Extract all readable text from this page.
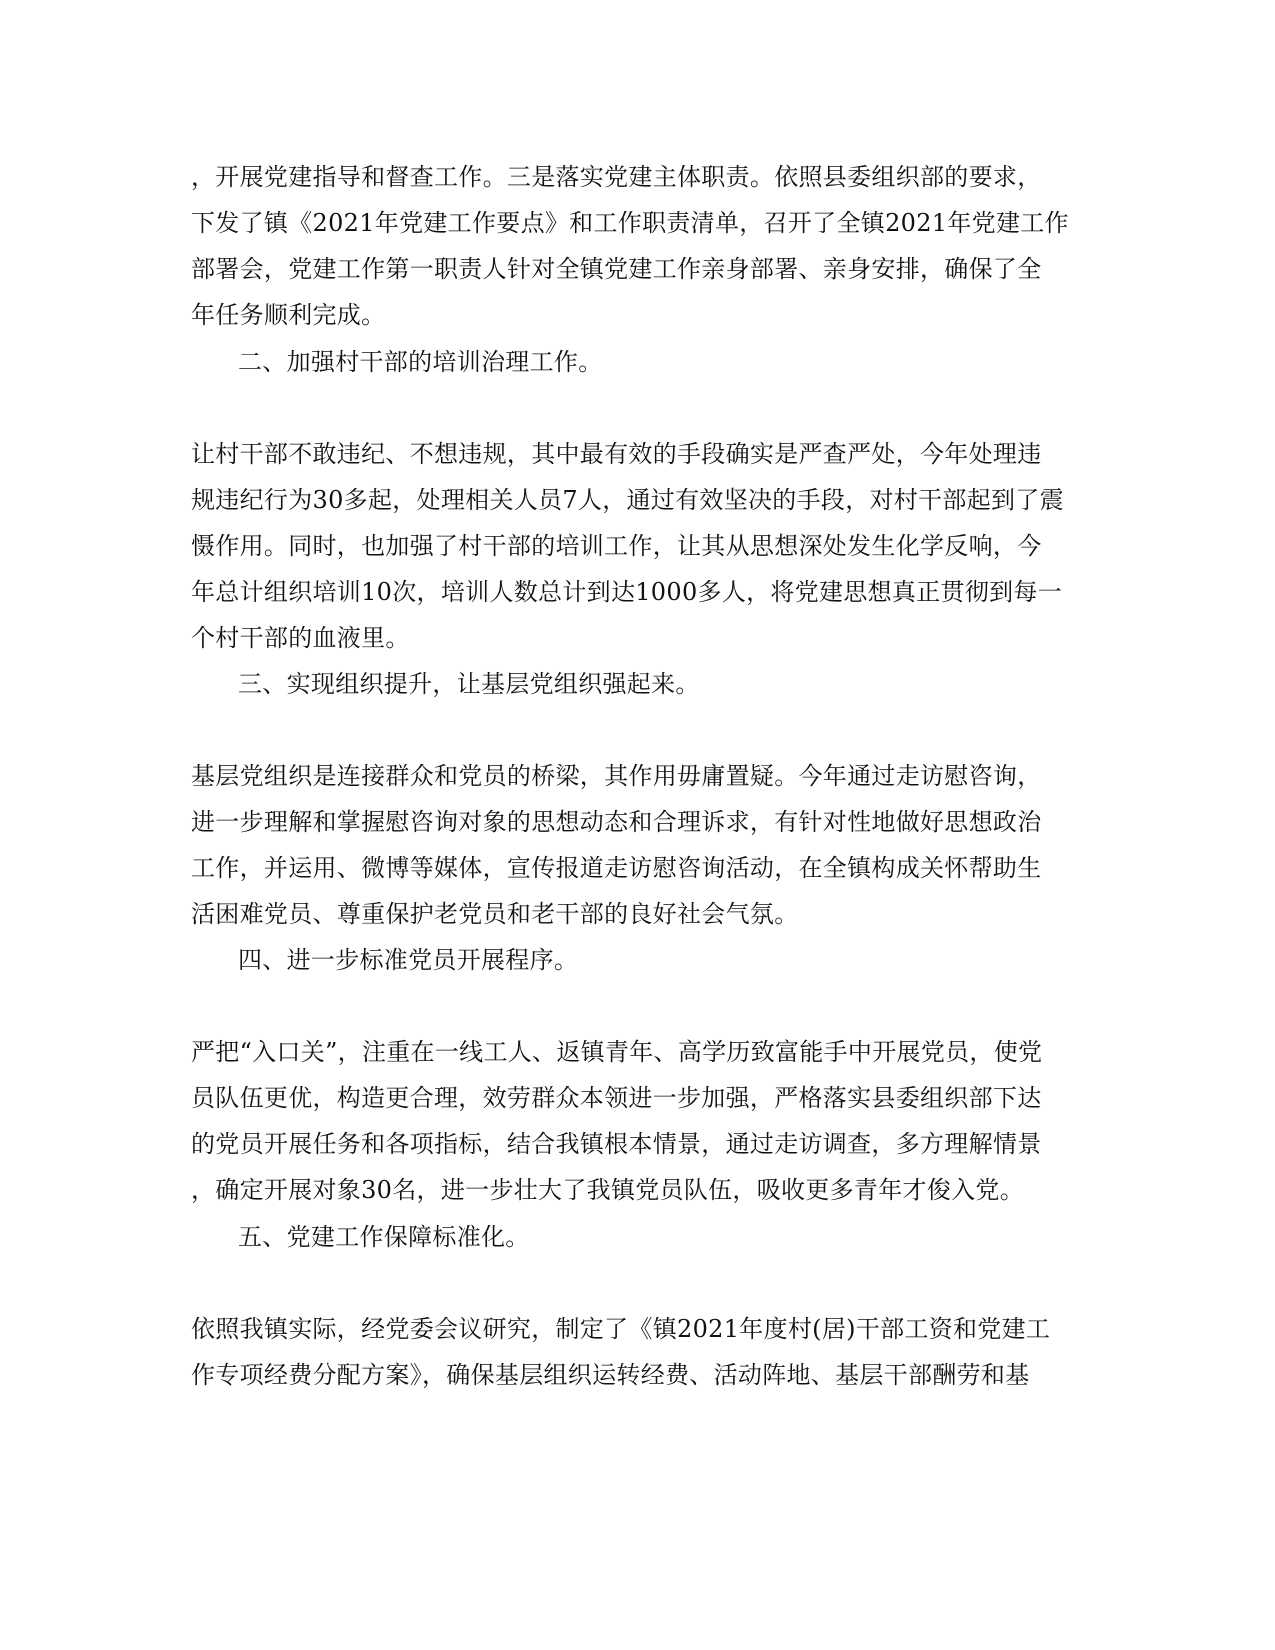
，开展党建指导和督查工作。三是落实党建主体职责。依照县委组织部的要求，
下发了镇《2021年党建工作要点》和工作职责清单，召开了全镇2021年党建工作
部署会，党建工作第一职责人针对全镇党建工作亲身部署、亲身安排，确保了全
年任务顺利完成。
二、加强村干部的培训治理工作。
让村干部不敢违纪、不想违规，其中最有效的手段确实是严查严处，今年处理违
规违纪行为30多起，处理相关人员7人，通过有效坚决的手段，对村干部起到了震
慑作用。同时，也加强了村干部的培训工作，让其从思想深处发生化学反响，今
年总计组织培训10次，培训人数总计到达1000多人，将党建思想真正贯彻到每一
个村干部的血液里。
三、实现组织提升，让基层党组织强起来。
基层党组织是连接群众和党员的桥梁，其作用毋庸置疑。今年通过走访慰咨询，
进一步理解和掌握慰咨询对象的思想动态和合理诉求，有针对性地做好思想政治
工作，并运用、微博等媒体，宣传报道走访慰咨询活动，在全镇构成关怀帮助生
活困难党员、尊重保护老党员和老干部的良好社会气氛。
四、进一步标准党员开展程序。
严把“入口关”，注重在一线工人、返镇青年、高学历致富能手中开展党员，使党
员队伍更优，构造更合理，效劳群众本领进一步加强，严格落实县委组织部下达
的党员开展任务和各项指标，结合我镇根本情景，通过走访调查，多方理解情景
，确定开展对象30名，进一步壮大了我镇党员队伍，吸收更多青年才俊入党。
五、党建工作保障标准化。
依照我镇实际，经党委会议研究，制定了《镇2021年度村(居)干部工资和党建工
作专项经费分配方案》，确保基层组织运转经费、活动阵地、基层干部酬劳和基
